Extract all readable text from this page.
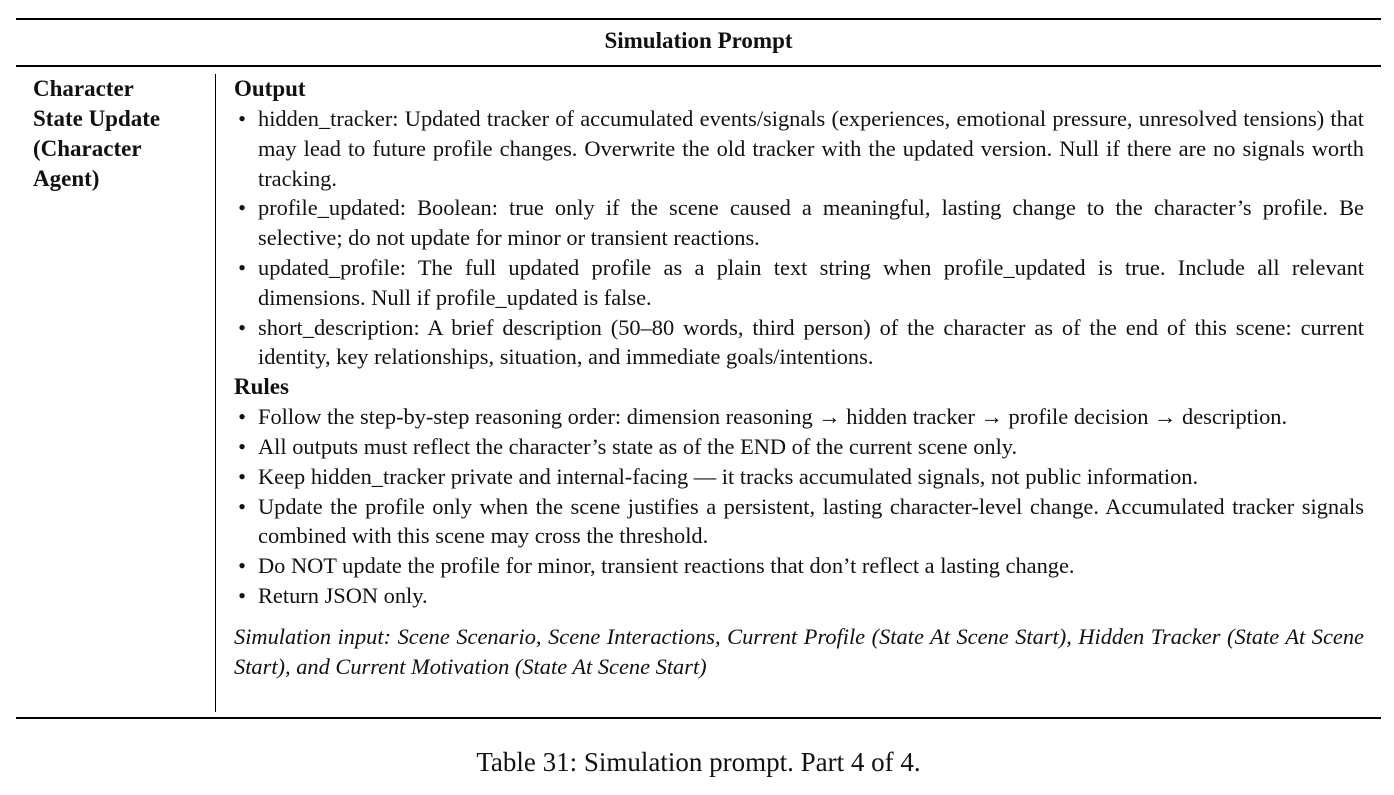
Simulation Prompt
Character
State Update
(Character
Agent)
Output
• hidden_tracker: Updated tracker of accumulated events/signals (experiences, emotional pressure, unresolved tensions) that may lead to future profile changes. Overwrite the old tracker with the updated version. Null if there are no signals worth tracking.
• profile_updated: Boolean: true only if the scene caused a meaningful, lasting change to the character’s profile. Be selective; do not update for minor or transient reactions.
• updated_profile: The full updated profile as a plain text string when profile_updated is true. Include all relevant dimensions. Null if profile_updated is false.
• short_description: A brief description (50–80 words, third person) of the character as of the end of this scene: current identity, key relationships, situation, and immediate goals/intentions.
Rules
• Follow the step-by-step reasoning order: dimension reasoning → hidden tracker → profile decision → description.
• All outputs must reflect the character’s state as of the END of the current scene only.
• Keep hidden_tracker private and internal-facing — it tracks accumulated signals, not public information.
• Update the profile only when the scene justifies a persistent, lasting character-level change. Accumulated tracker signals combined with this scene may cross the threshold.
• Do NOT update the profile for minor, transient reactions that don’t reflect a lasting change.
• Return JSON only.
Simulation input: Scene Scenario, Scene Interactions, Current Profile (State At Scene Start), Hidden Tracker (State At Scene Start), and Current Motivation (State At Scene Start)
Table 31: Simulation prompt. Part 4 of 4.
